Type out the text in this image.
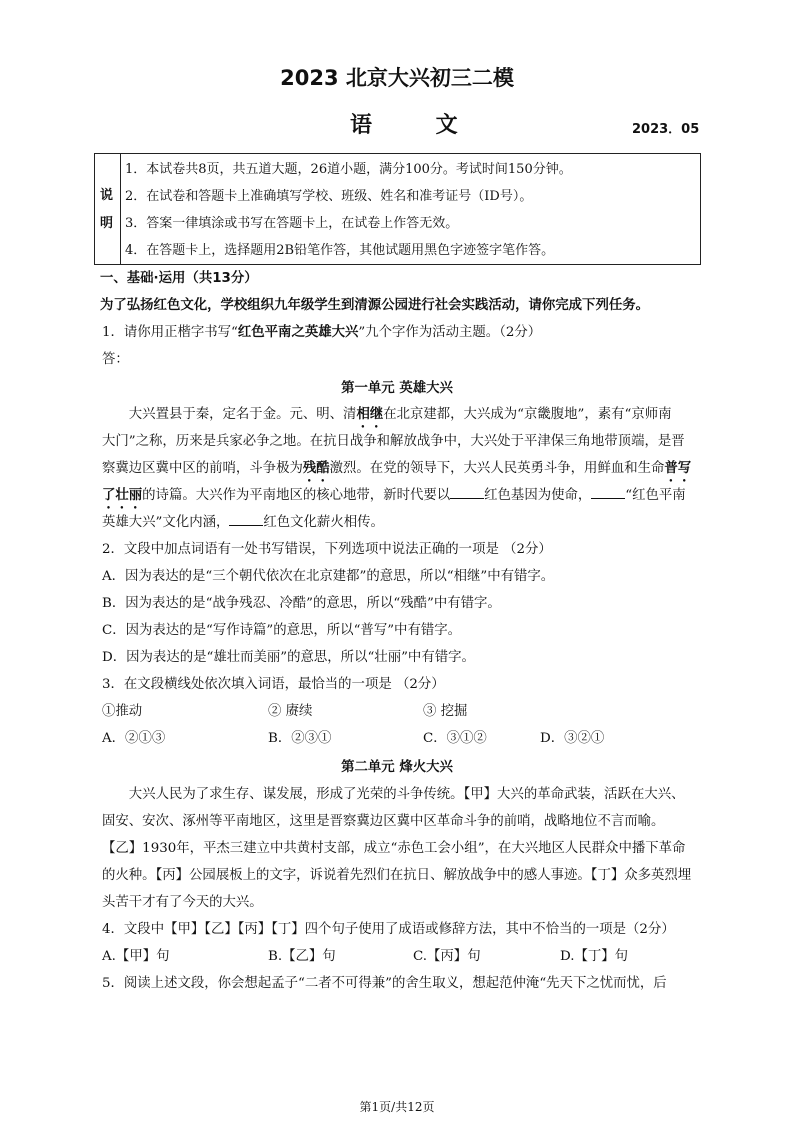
2023 北京大兴初三二模
语 文	2023．05
说
明
1．本试卷共8页，共五道大题，26道小题，满分100分。考试时间150分钟。
2．在试卷和答题卡上准确填写学校、班级、姓名和准考证号（ID号）。
3．答案一律填涂或书写在答题卡上，在试卷上作答无效。
4．在答题卡上，选择题用2B铅笔作答，其他试题用黑色字迹签字笔作答。
一、基础·运用（共13分）
为了弘扬红色文化，学校组织九年级学生到清源公园进行社会实践活动，请你完成下列任务。
1．请你用正楷字书写“红色平南之英雄大兴”九个字作为活动主题。（2分）
答：
第一单元 英雄大兴
大兴置县于秦，定名于金。元、明、清相继在北京建都，大兴成为“京畿腹地”，素有“京师南
大门”之称，历来是兵家必争之地。在抗日战争和解放战争中，大兴处于平津保三角地带顶端，是晋
察冀边区冀中区的前哨，斗争极为残酷激烈。在党的领导下，大兴人民英勇斗争，用鲜血和生命普写
了壮丽的诗篇。大兴作为平南地区的核心地带，新时代要以	红色基因为使命，	“红色平南
英雄大兴”文化内涵，	红色文化薪火相传。
2．文段中加点词语有一处书写错误，下列选项中说法正确的一项是 （2分）
A．因为表达的是“三个朝代依次在北京建都”的意思，所以“相继”中有错字。
B．因为表达的是“战争残忍、冷酷”的意思，所以“残酷”中有错字。
C．因为表达的是“写作诗篇”的意思，所以“普写”中有错字。
D．因为表达的是“雄壮而美丽”的意思，所以“壮丽”中有错字。
3．在文段横线处依次填入词语，最恰当的一项是 （2分）
①推动	② 赓续	③ 挖掘
A．②①③	B．②③①	C．③①②	D．③②①
第二单元 烽火大兴
大兴人民为了求生存、谋发展，形成了光荣的斗争传统。【甲】大兴的革命武装，活跃在大兴、
固安、安次、涿州等平南地区，这里是晋察冀边区冀中区革命斗争的前哨，战略地位不言而喻。
【乙】1930年，平杰三建立中共黄村支部，成立“赤色工会小组”，在大兴地区人民群众中播下革命
的火种。【丙】公园展板上的文字，诉说着先烈们在抗日、解放战争中的感人事迹。【丁】众多英烈埋
头苦干才有了今天的大兴。
4．文段中【甲】【乙】【丙】【丁】四个句子使用了成语或修辞方法，其中不恰当的一项是（2分）
A.【甲】句	B.【乙】句	C.【丙】句	D.【丁】句
5．阅读上述文段，你会想起孟子“二者不可得兼”的舍生取义，想起范仲淹“先天下之忧而忧，后
第1页/共12页
